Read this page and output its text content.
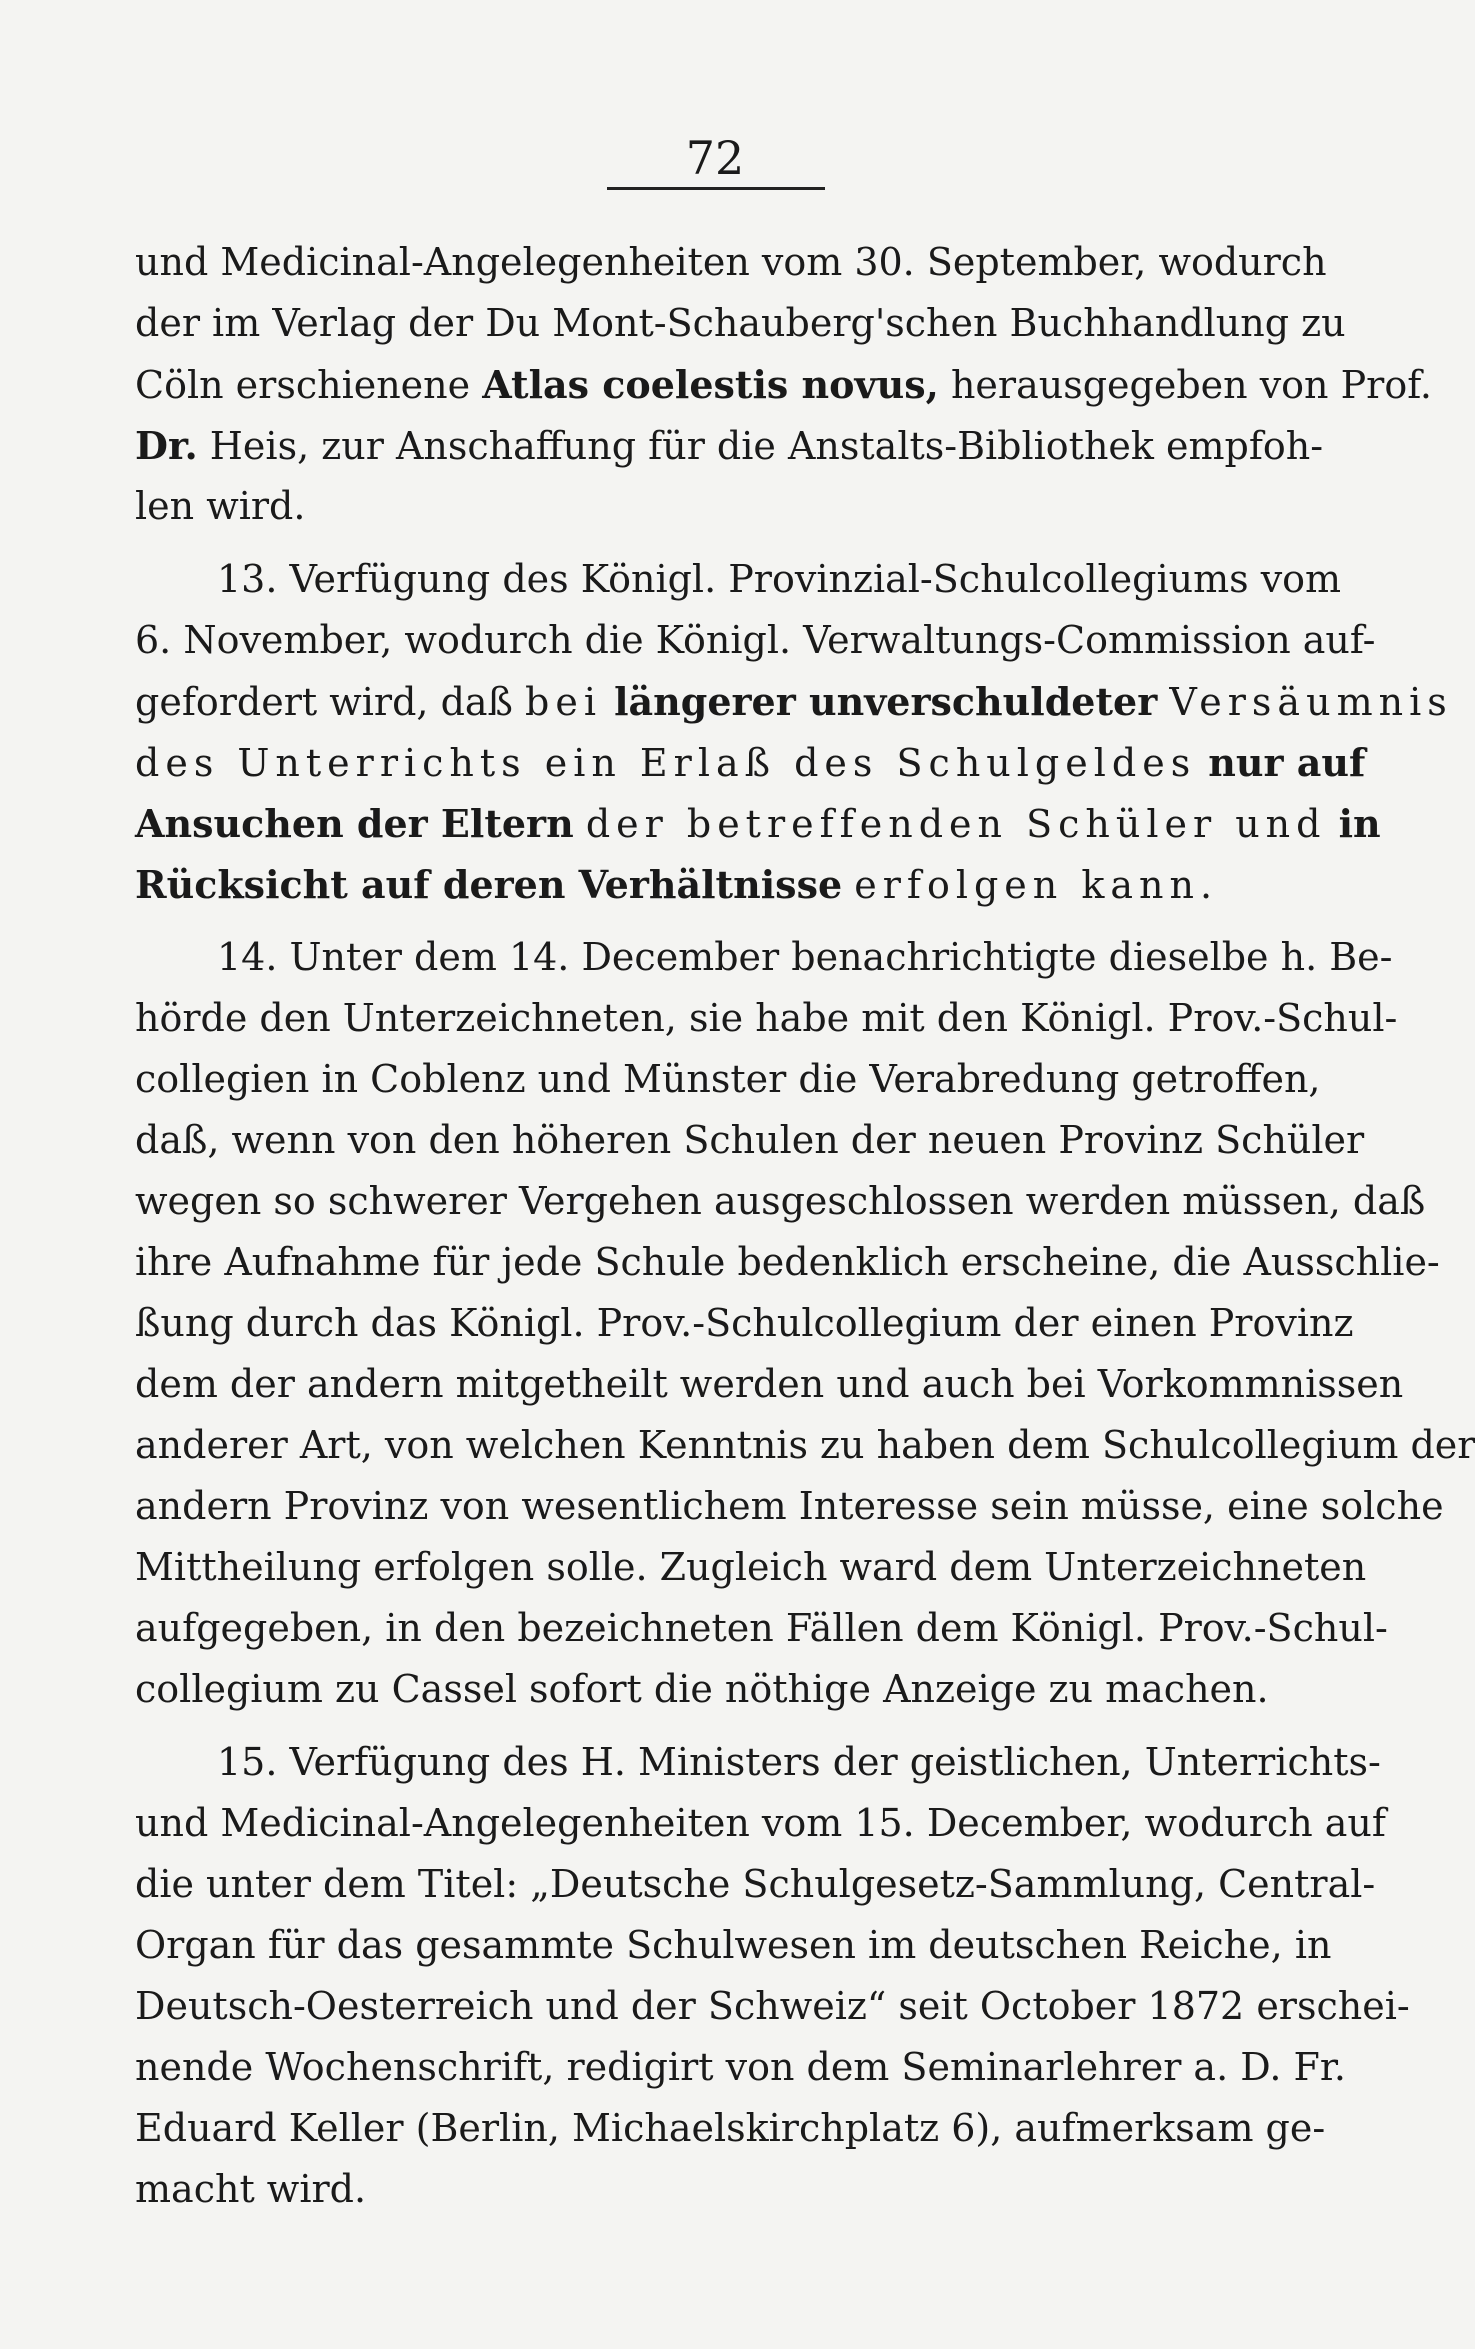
72
und Medicinal-Angelegenheiten vom 30. September, wodurch
der im Verlag der Du Mont-Schauberg'schen Buchhandlung zu
Cöln erschienene Atlas coelestis novus, herausgegeben von Prof.
Dr. Heis, zur Anschaffung für die Anstalts-Bibliothek empfoh-
len wird.
13. Verfügung des Königl. Provinzial-Schulcollegiums vom
6. November, wodurch die Königl. Verwaltungs-Commission auf-
gefordert wird, daß bei längerer unverschuldeter Versäumnis
des Unterrichts ein Erlaß des Schulgeldes nur auf
Ansuchen der Eltern der betreffenden Schüler und in
Rücksicht auf deren Verhältnisse erfolgen kann.
14. Unter dem 14. December benachrichtigte dieselbe h. Be-
hörde den Unterzeichneten, sie habe mit den Königl. Prov.-Schul-
collegien in Coblenz und Münster die Verabredung getroffen,
daß, wenn von den höheren Schulen der neuen Provinz Schüler
wegen so schwerer Vergehen ausgeschlossen werden müssen, daß
ihre Aufnahme für jede Schule bedenklich erscheine, die Ausschlie-
ßung durch das Königl. Prov.-Schulcollegium der einen Provinz
dem der andern mitgetheilt werden und auch bei Vorkommnissen
anderer Art, von welchen Kenntnis zu haben dem Schulcollegium der
andern Provinz von wesentlichem Interesse sein müsse, eine solche
Mittheilung erfolgen solle. Zugleich ward dem Unterzeichneten
aufgegeben, in den bezeichneten Fällen dem Königl. Prov.-Schul-
collegium zu Cassel sofort die nöthige Anzeige zu machen.
15. Verfügung des H. Ministers der geistlichen, Unterrichts-
und Medicinal-Angelegenheiten vom 15. December, wodurch auf
die unter dem Titel: „Deutsche Schulgesetz-Sammlung, Central-
Organ für das gesammte Schulwesen im deutschen Reiche, in
Deutsch-Oesterreich und der Schweiz“ seit October 1872 erschei-
nende Wochenschrift, redigirt von dem Seminarlehrer a. D. Fr.
Eduard Keller (Berlin, Michaelskirchplatz 6), aufmerksam ge-
macht wird.
